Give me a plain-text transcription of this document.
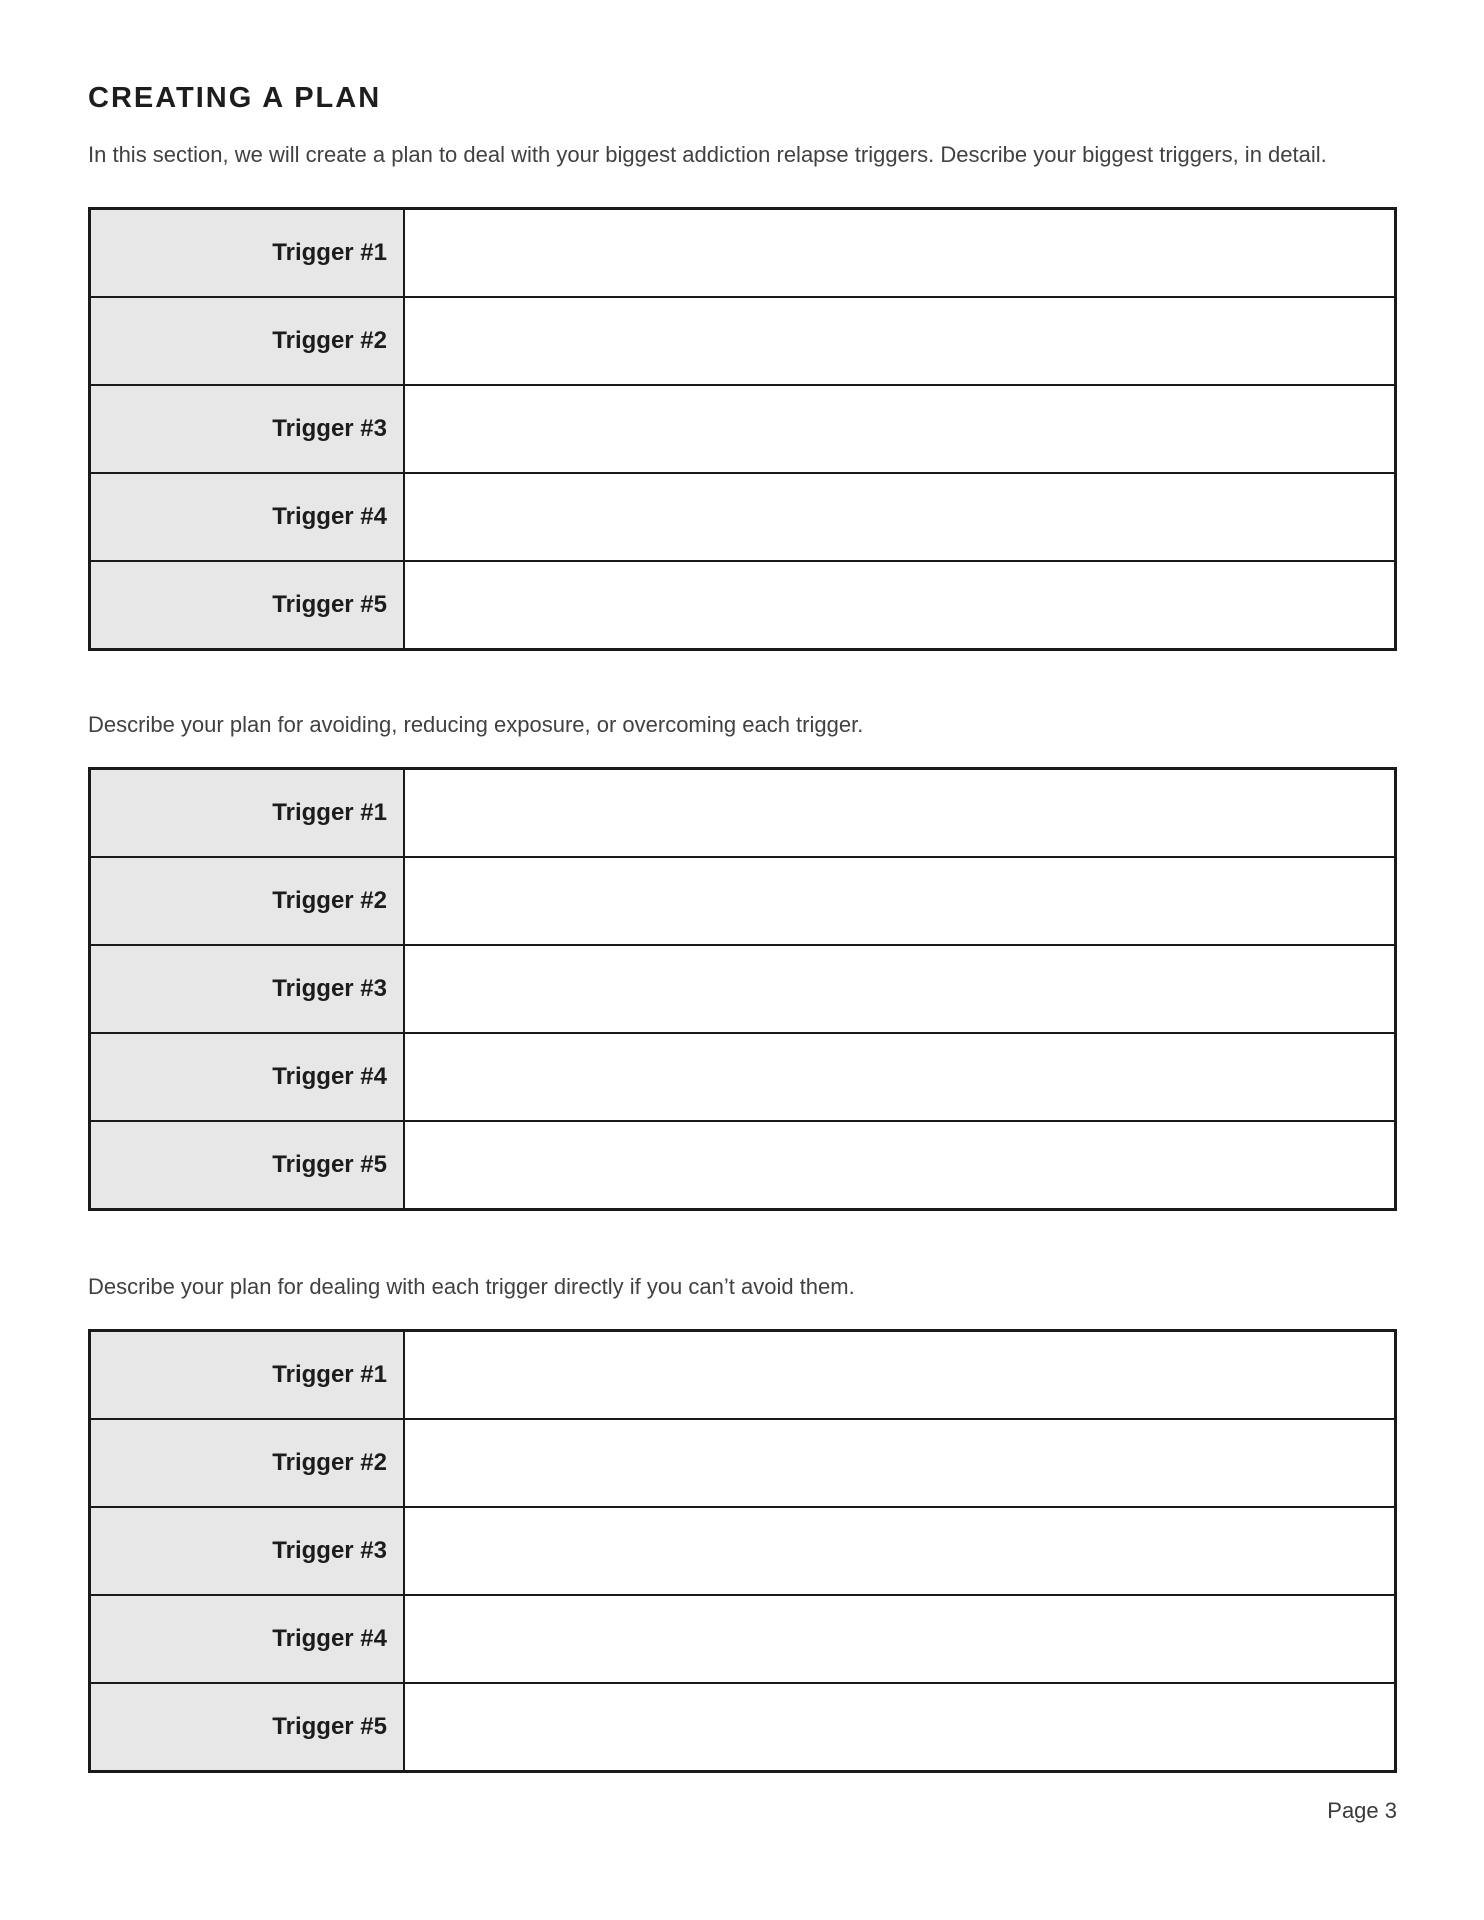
CREATING A PLAN

In this section, we will create a plan to deal with your biggest addiction relapse triggers. Describe your biggest triggers, in detail.

Trigger #1	
Trigger #2	
Trigger #3	
Trigger #4	
Trigger #5	

Describe your plan for avoiding, reducing exposure, or overcoming each trigger.

Trigger #1	
Trigger #2	
Trigger #3	
Trigger #4	
Trigger #5	

Describe your plan for dealing with each trigger directly if you can’t avoid them.

Trigger #1	
Trigger #2	
Trigger #3	
Trigger #4	
Trigger #5	
Page 3
